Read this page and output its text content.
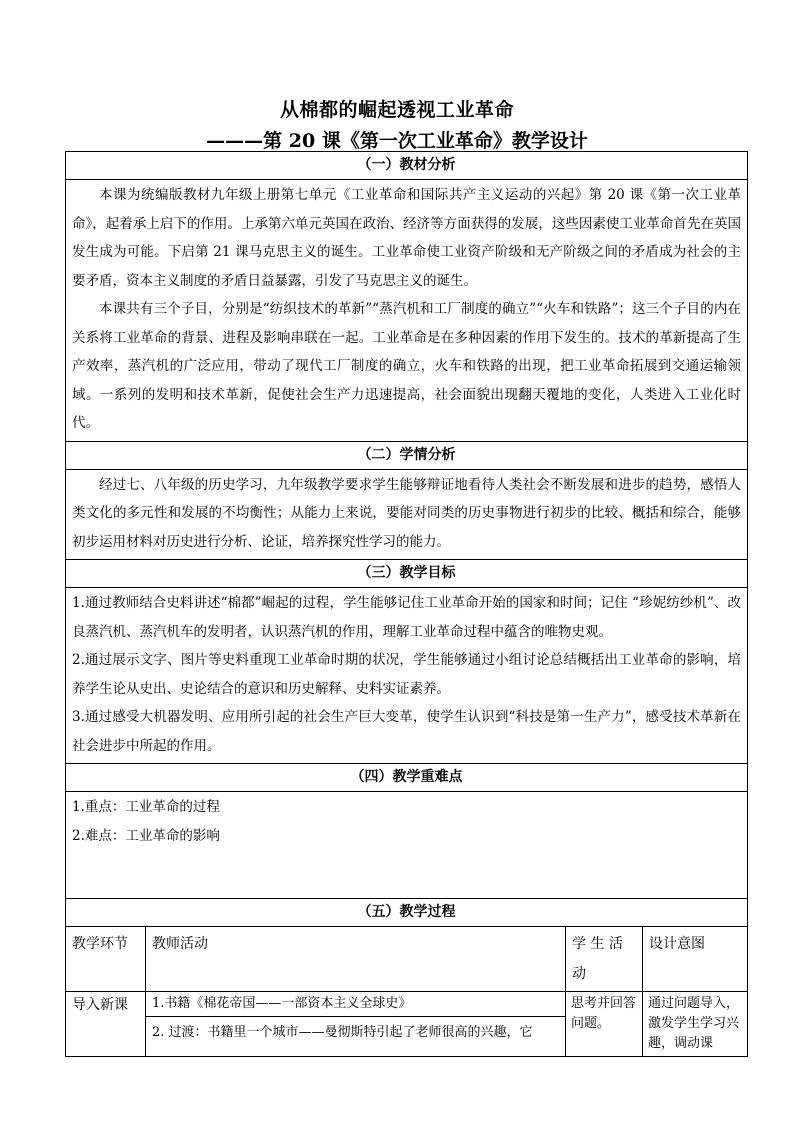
从棉都的崛起透视工业革命
———第 20 课《第一次工业革命》教学设计
（一）教材分析			

本课为统编版教材九年级上册第七单元《工业革命和国际共产主义运动的兴起》第 20 课《第一次工业革命》，起着承上启下的作用。上承第六单元英国在政治、经济等方面获得的发展，这些因素使工业革命首先在英国发生成为可能。下启第 21 课马克思主义的诞生。工业革命使工业资产阶级和无产阶级之间的矛盾成为社会的主要矛盾，资本主义制度的矛盾日益暴露，引发了马克思主义的诞生。

本课共有三个子目，分别是“纺织技术的革新”“蒸汽机和工厂制度的确立”“火车和铁路”；这三个子目的内在关系将工业革命的背景、进程及影响串联在一起。工业革命是在多种因素的作用下发生的。技术的革新提高了生产效率，蒸汽机的广泛应用，带动了现代工厂制度的确立，火车和铁路的出现，把工业革命拓展到交通运输领域。一系列的发明和技术革新，促使社会生产力迅速提高，社会面貌出现翻天覆地的变化，人类进入工业化时代。			

（二）学情分析			

经过七、八年级的历史学习，九年级教学要求学生能够辩证地看待人类社会不断发展和进步的趋势，感悟人类文化的多元性和发展的不均衡性；从能力上来说，要能对同类的历史事物进行初步的比较、概括和综合，能够初步运用材料对历史进行分析、论证，培养探究性学习的能力。			

（三）教学目标			

1.通过教师结合史料讲述“棉都”崛起的过程，学生能够记住工业革命开始的国家和时间；记住 “珍妮纺纱机”、改良蒸汽机、蒸汽机车的发明者，认识蒸汽机的作用，理解工业革命过程中蕴含的唯物史观。

2.通过展示文字、图片等史料重现工业革命时期的状况，学生能够通过小组讨论总结概括出工业革命的影响，培养学生论从史出、史论结合的意识和历史解释、史料实证素养。

3.通过感受大机器发明、应用所引起的社会生产巨大变革，使学生认识到“科技是第一生产力”，感受技术革新在社会进步中所起的作用。			

（四）教学重难点			

1.重点：工业革命的过程

2.难点：工业革命的影响			

（五）教学过程			
教学环节	教师活动	学 生 活 动	设计意图
导入新课	1.书籍《棉花帝国——一部资本主义全球史》
2. 过渡：书籍里一个城市——曼彻斯特引起了老师很高的兴趣，它	思考并回答问题。	通过问题导入，激发学生学习兴趣，调动课
